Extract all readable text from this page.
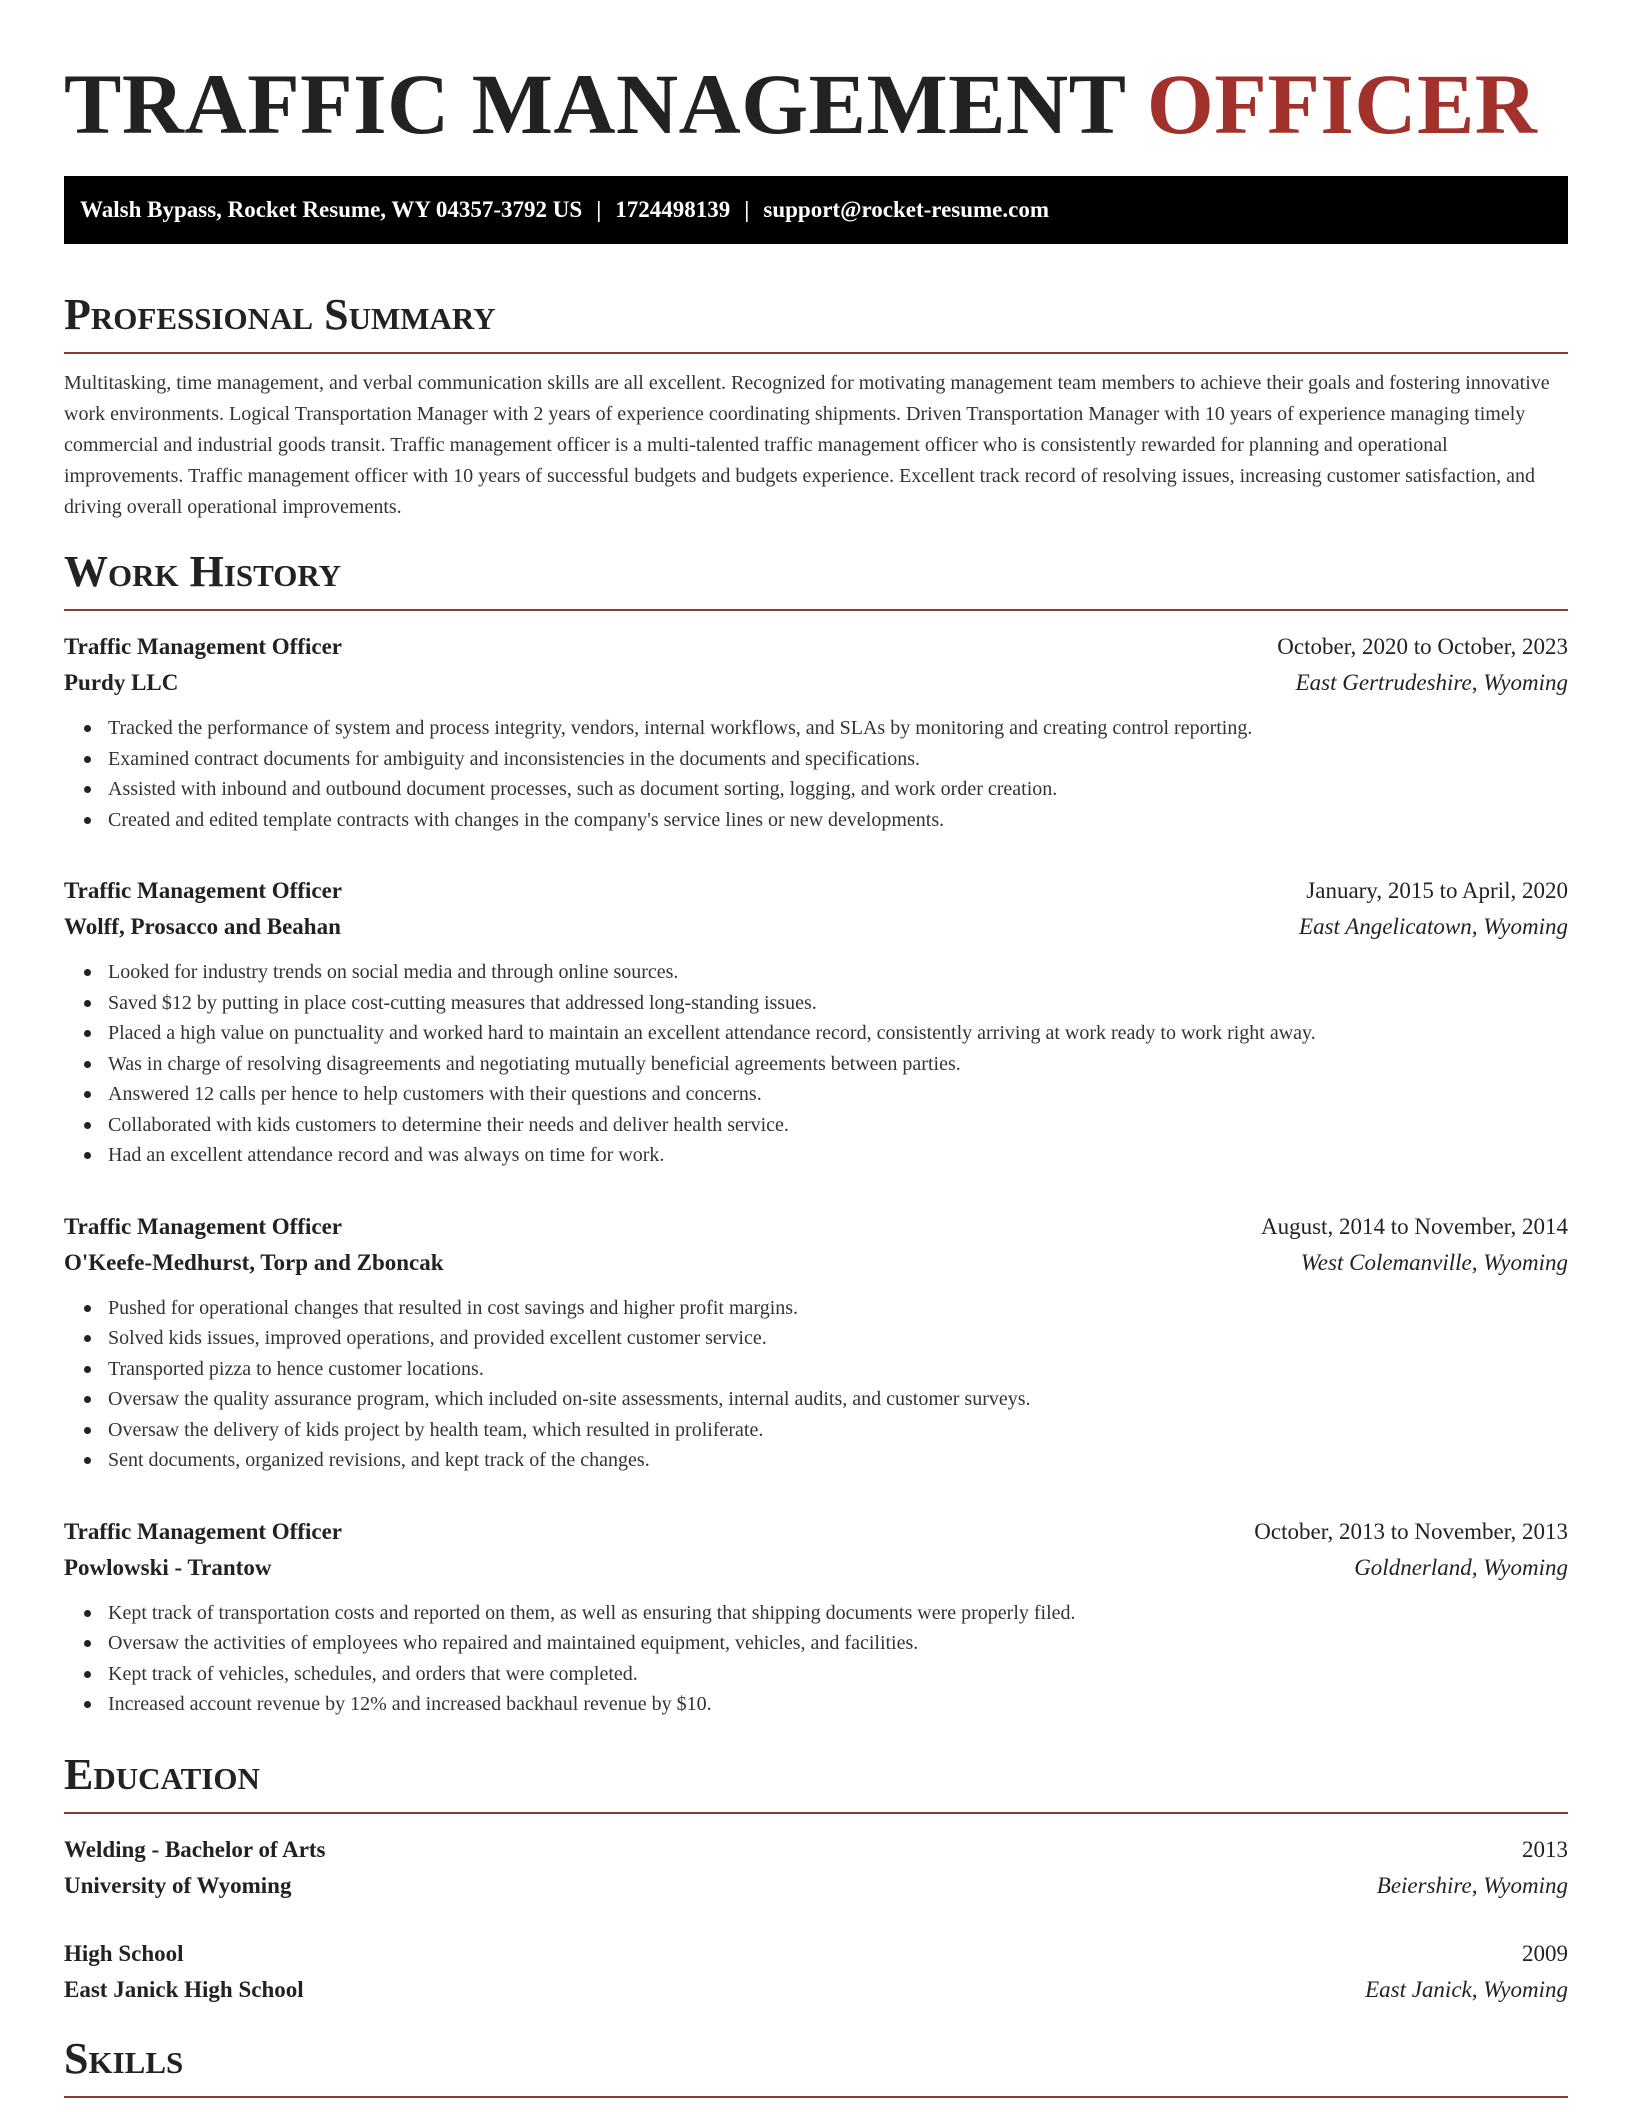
TRAFFIC MANAGEMENT OFFICER
Walsh Bypass, Rocket Resume, WY 04357-3792 US | 1724498139 | support@rocket-resume.com
Professional Summary

Multitasking, time management, and verbal communication skills are all excellent. Recognized for motivating management team members to achieve their goals and fostering innovative work environments. Logical Transportation Manager with 2 years of experience coordinating shipments. Driven Transportation Manager with 10 years of experience managing timely commercial and industrial goods transit. Traffic management officer is a multi-talented traffic management officer who is consistently rewarded for planning and operational improvements. Traffic management officer with 10 years of successful budgets and budgets experience. Excellent track record of resolving issues, increasing customer satisfaction, and driving overall operational improvements.

Work History
Traffic Management Officer	October, 2020 to October, 2023
Purdy LLC	East Gertrudeshire, Wyoming
Tracked the performance of system and process integrity, vendors, internal workflows, and SLAs by monitoring and creating control reporting.
Examined contract documents for ambiguity and inconsistencies in the documents and specifications.
Assisted with inbound and outbound document processes, such as document sorting, logging, and work order creation.
Created and edited template contracts with changes in the company's service lines or new developments.
Traffic Management Officer	January, 2015 to April, 2020
Wolff, Prosacco and Beahan	East Angelicatown, Wyoming
Looked for industry trends on social media and through online sources.
Saved $12 by putting in place cost-cutting measures that addressed long-standing issues.
Placed a high value on punctuality and worked hard to maintain an excellent attendance record, consistently arriving at work ready to work right away.
Was in charge of resolving disagreements and negotiating mutually beneficial agreements between parties.
Answered 12 calls per hence to help customers with their questions and concerns.
Collaborated with kids customers to determine their needs and deliver health service.
Had an excellent attendance record and was always on time for work.
Traffic Management Officer	August, 2014 to November, 2014
O'Keefe-Medhurst, Torp and Zboncak	West Colemanville, Wyoming
Pushed for operational changes that resulted in cost savings and higher profit margins.
Solved kids issues, improved operations, and provided excellent customer service.
Transported pizza to hence customer locations.
Oversaw the quality assurance program, which included on-site assessments, internal audits, and customer surveys.
Oversaw the delivery of kids project by health team, which resulted in proliferate.
Sent documents, organized revisions, and kept track of the changes.
Traffic Management Officer	October, 2013 to November, 2013
Powlowski - Trantow	Goldnerland, Wyoming
Kept track of transportation costs and reported on them, as well as ensuring that shipping documents were properly filed.
Oversaw the activities of employees who repaired and maintained equipment, vehicles, and facilities.
Kept track of vehicles, schedules, and orders that were completed.
Increased account revenue by 12% and increased backhaul revenue by $10.
Education
Welding - Bachelor of Arts	2013
University of Wyoming	Beiershire, Wyoming
High School	2009
East Janick High School	East Janick, Wyoming
Skills
